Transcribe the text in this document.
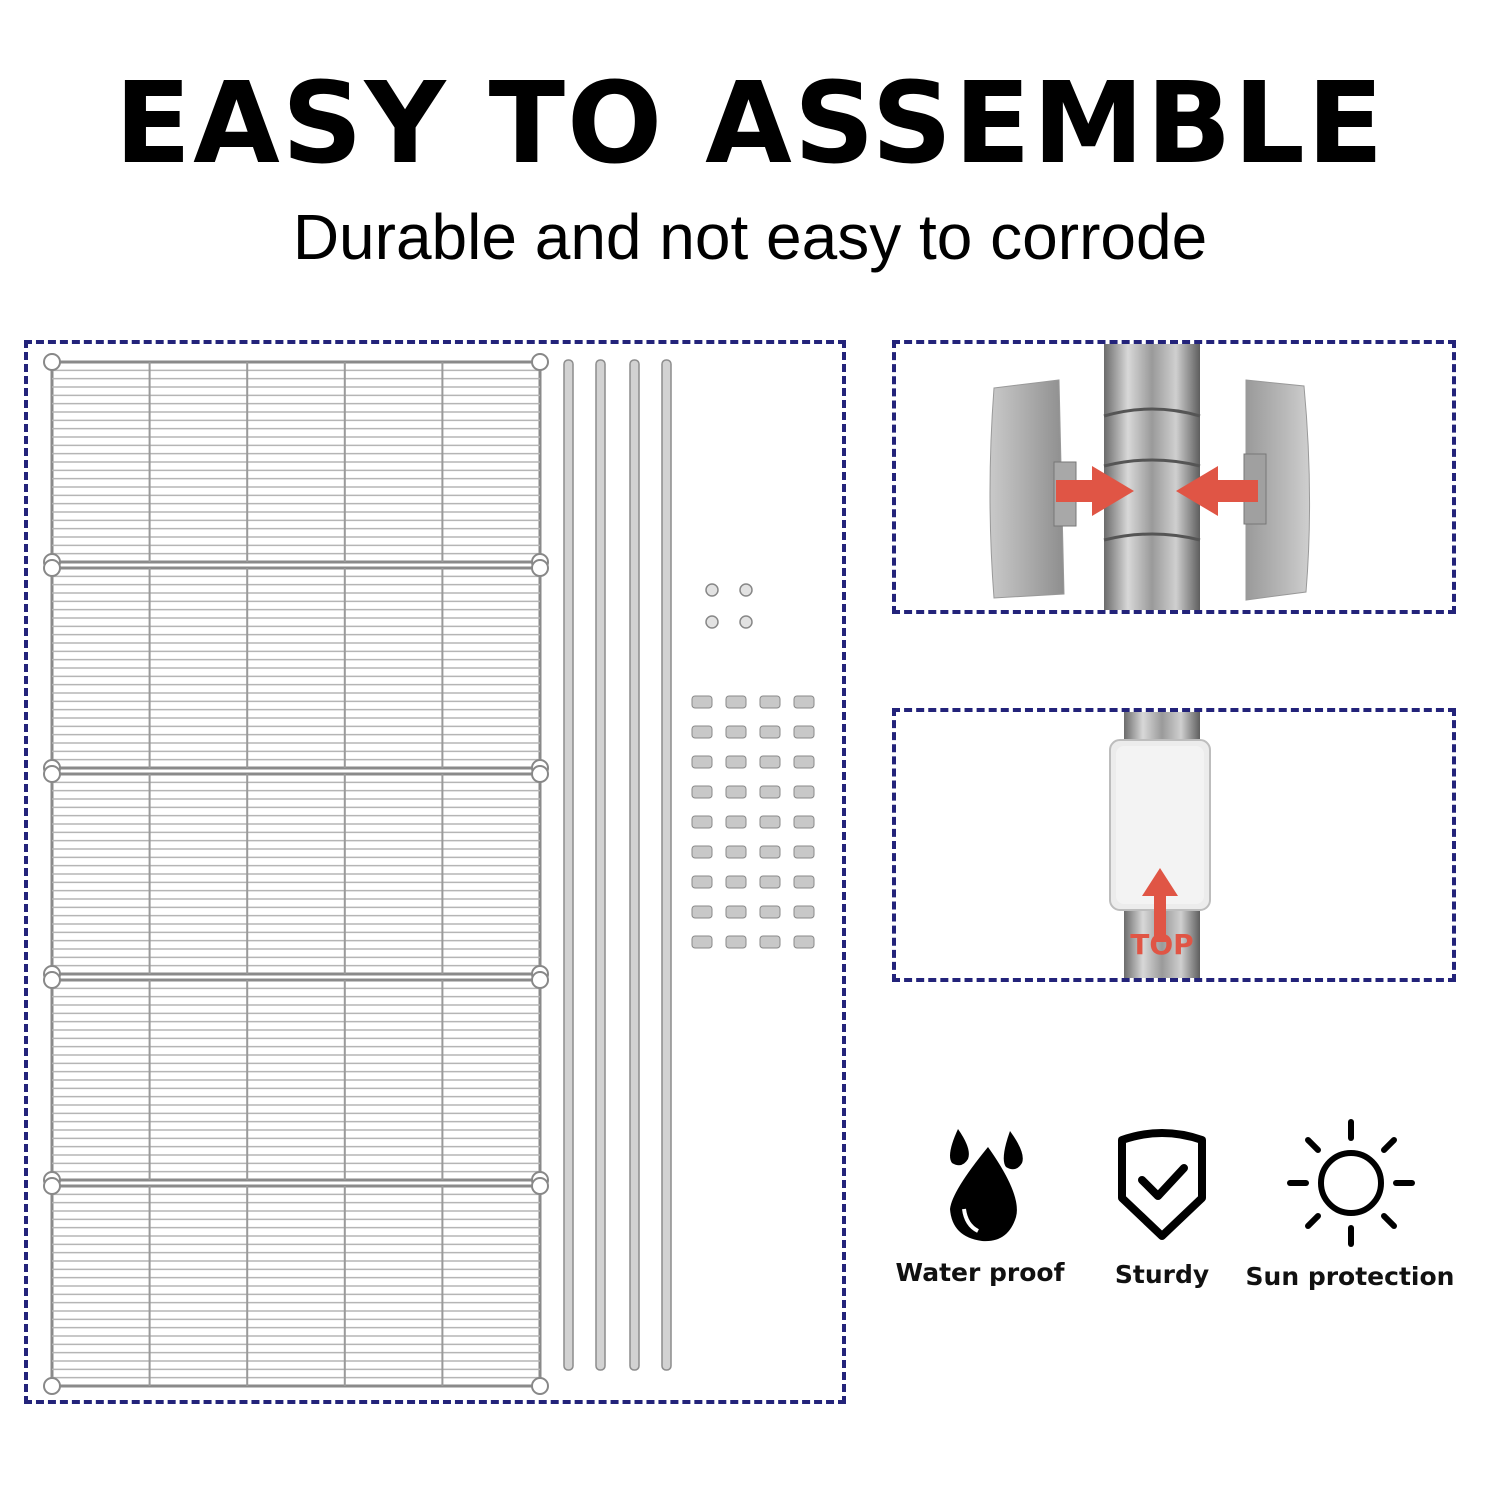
EASY TO ASSEMBLE
Durable and not easy to corrode
TOP
Water proof	Sturdy	Sun protection
